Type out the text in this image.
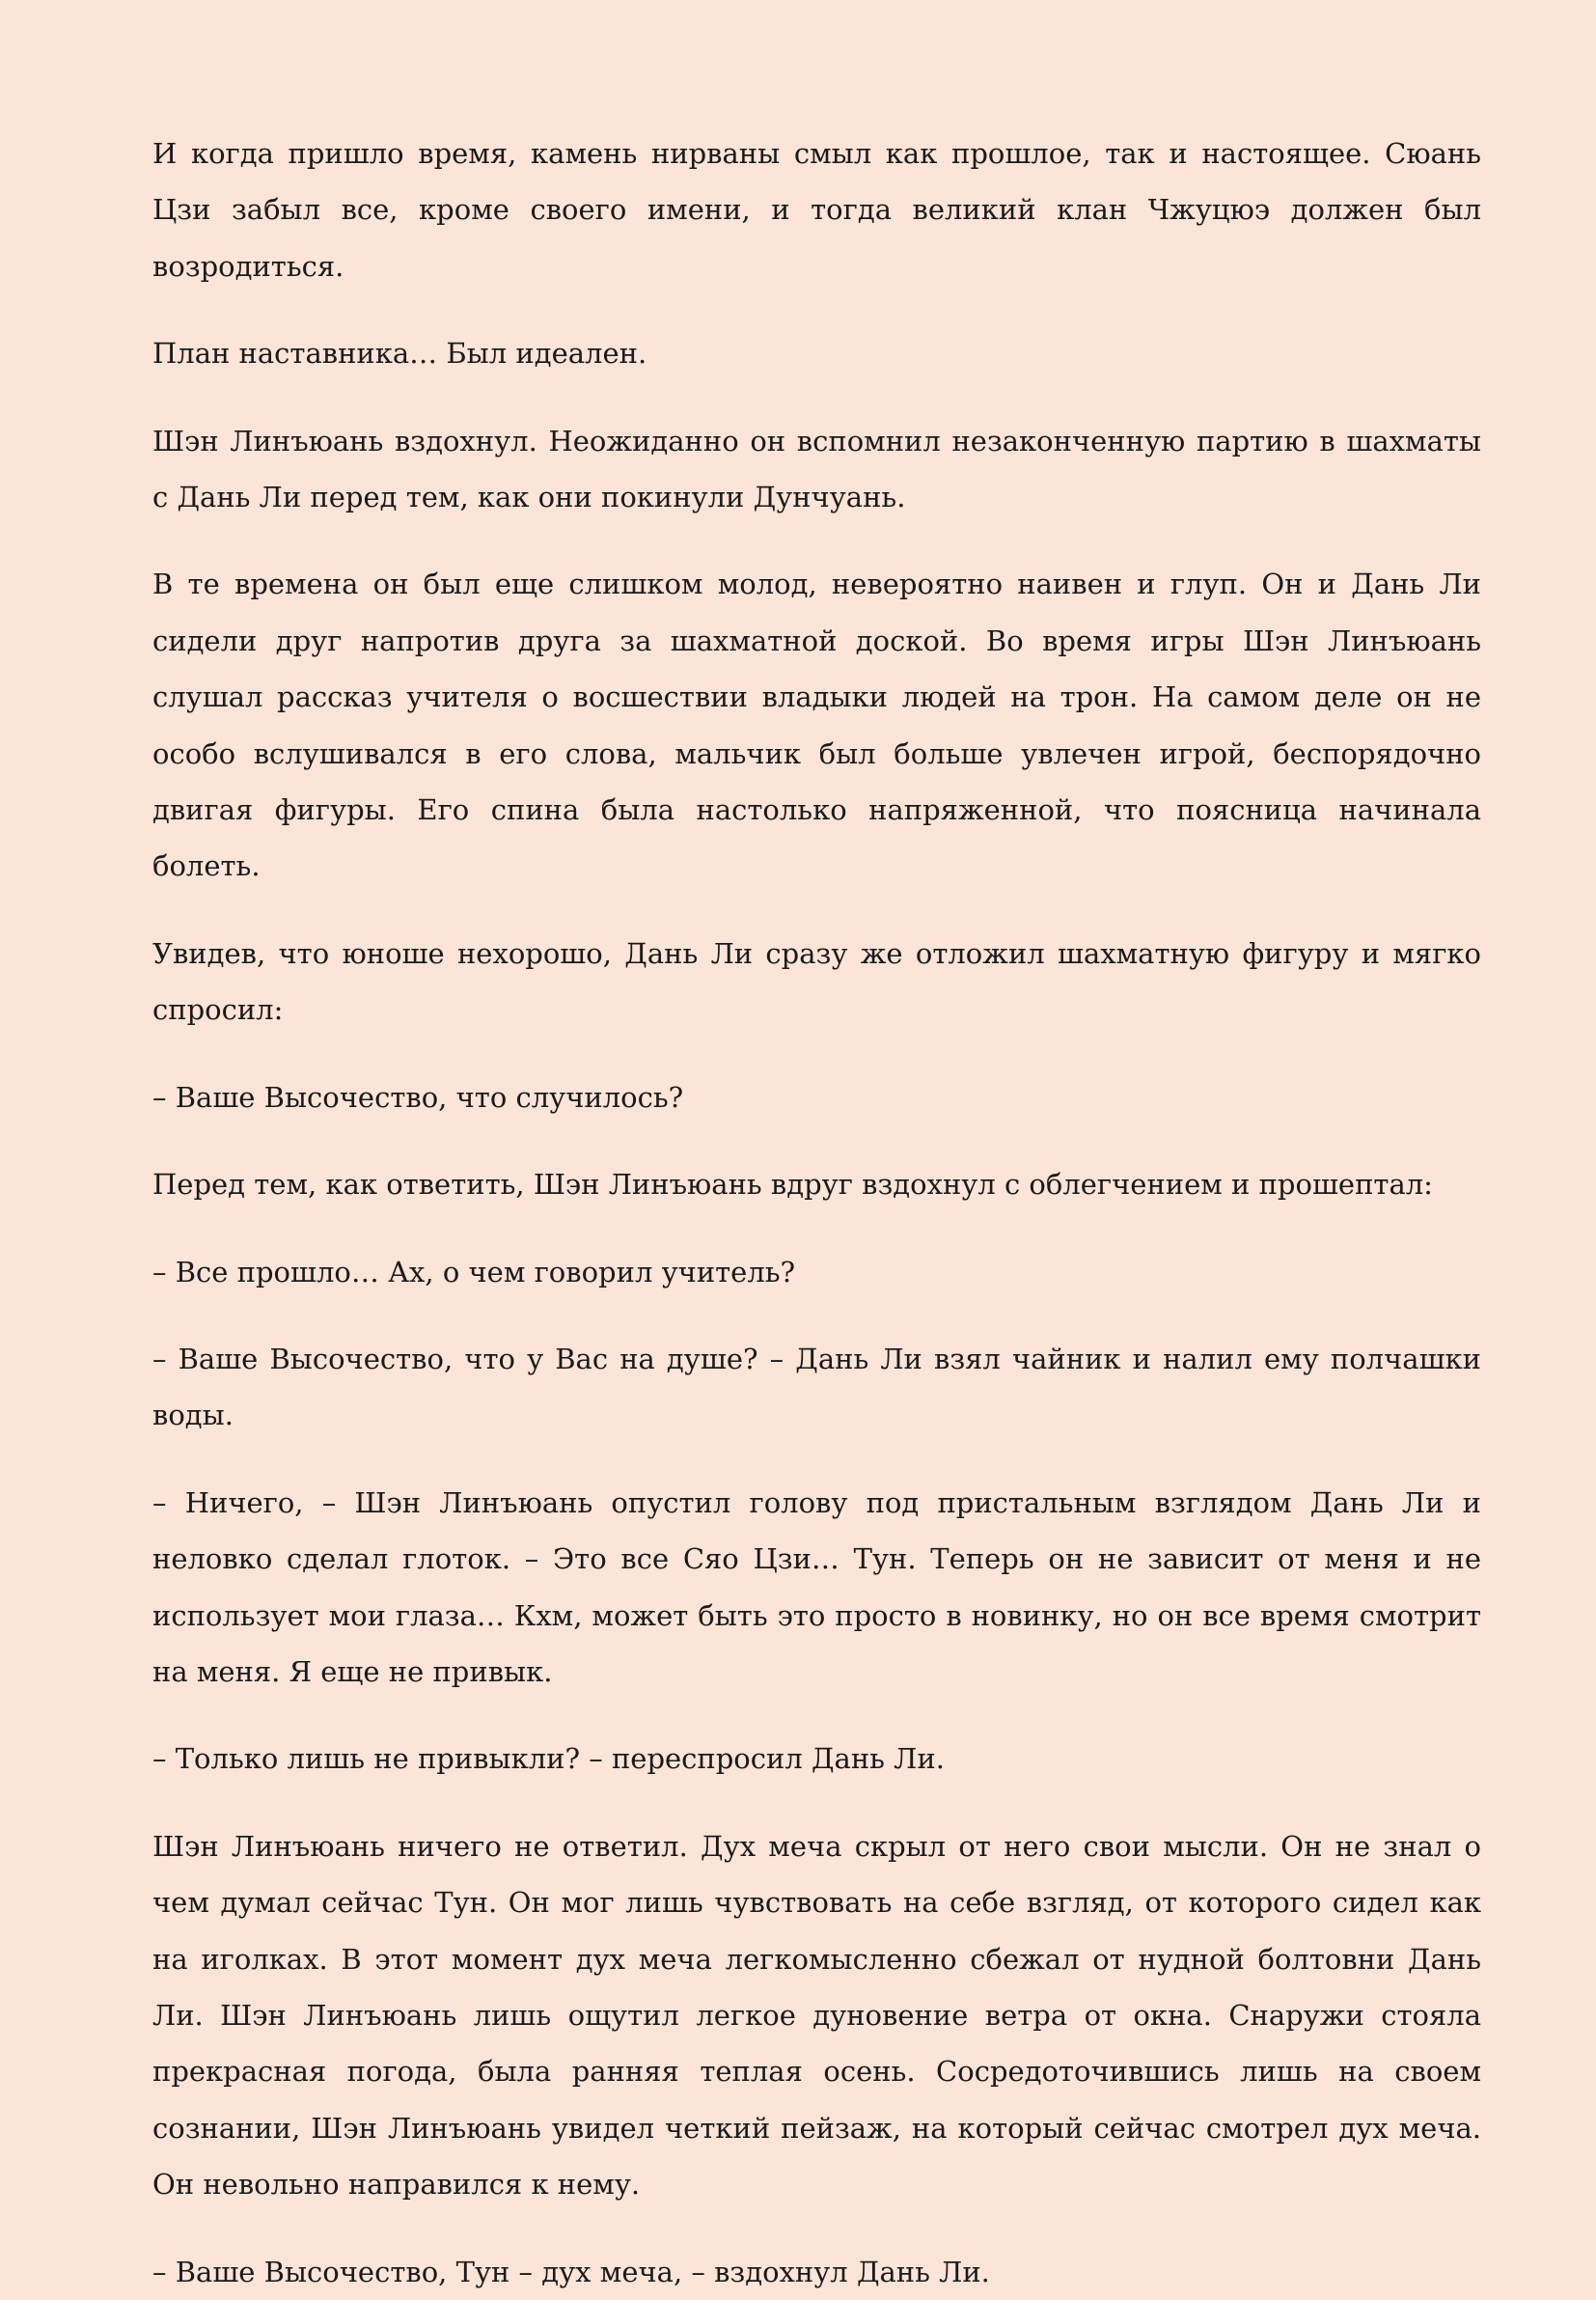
И когда пришло время, камень нирваны смыл как прошлое, так и настоящее. Сюань Цзи забыл все, кроме своего имени, и тогда великий клан Чжуцюэ должен был возродиться.

План наставника… Был идеален.

Шэн Линъюань вздохнул. Неожиданно он вспомнил незаконченную партию в шахматы с Дань Ли перед тем, как они покинули Дунчуань.

В те времена он был еще слишком молод, невероятно наивен и глуп. Он и Дань Ли сидели друг напротив друга за шахматной доской. Во время игры Шэн Линъюань слушал рассказ учителя о восшествии владыки людей на трон. На самом деле он не особо вслушивался в его слова, мальчик был больше увлечен игрой, беспорядочно двигая фигуры. Его спина была настолько напряженной, что поясница начинала болеть.

Увидев, что юноше нехорошо, Дань Ли сразу же отложил шахматную фигуру и мягко спросил:

– Ваше Высочество, что случилось?

Перед тем, как ответить, Шэн Линъюань вдруг вздохнул с облегчением и прошептал:

– Все прошло… Ах, о чем говорил учитель?

– Ваше Высочество, что у Вас на душе? – Дань Ли взял чайник и налил ему полчашки воды.

– Ничего, – Шэн Линъюань опустил голову под пристальным взглядом Дань Ли и неловко сделал глоток. – Это все Сяо Цзи… Тун. Теперь он не зависит от меня и не использует мои глаза… Кхм, может быть это просто в новинку, но он все время смотрит на меня. Я еще не привык.

– Только лишь не привыкли? – переспросил Дань Ли.

Шэн Линъюань ничего не ответил. Дух меча скрыл от него свои мысли. Он не знал о чем думал сейчас Тун. Он мог лишь чувствовать на себе взгляд, от которого сидел как на иголках. В этот момент дух меча легкомысленно сбежал от нудной болтовни Дань Ли. Шэн Линъюань лишь ощутил легкое дуновение ветра от окна. Снаружи стояла прекрасная погода, была ранняя теплая осень. Сосредоточившись лишь на своем сознании, Шэн Линъюань увидел четкий пейзаж, на который сейчас смотрел дух меча. Он невольно направился к нему.

– Ваше Высочество, Тун – дух меча, – вздохнул Дань Ли.
